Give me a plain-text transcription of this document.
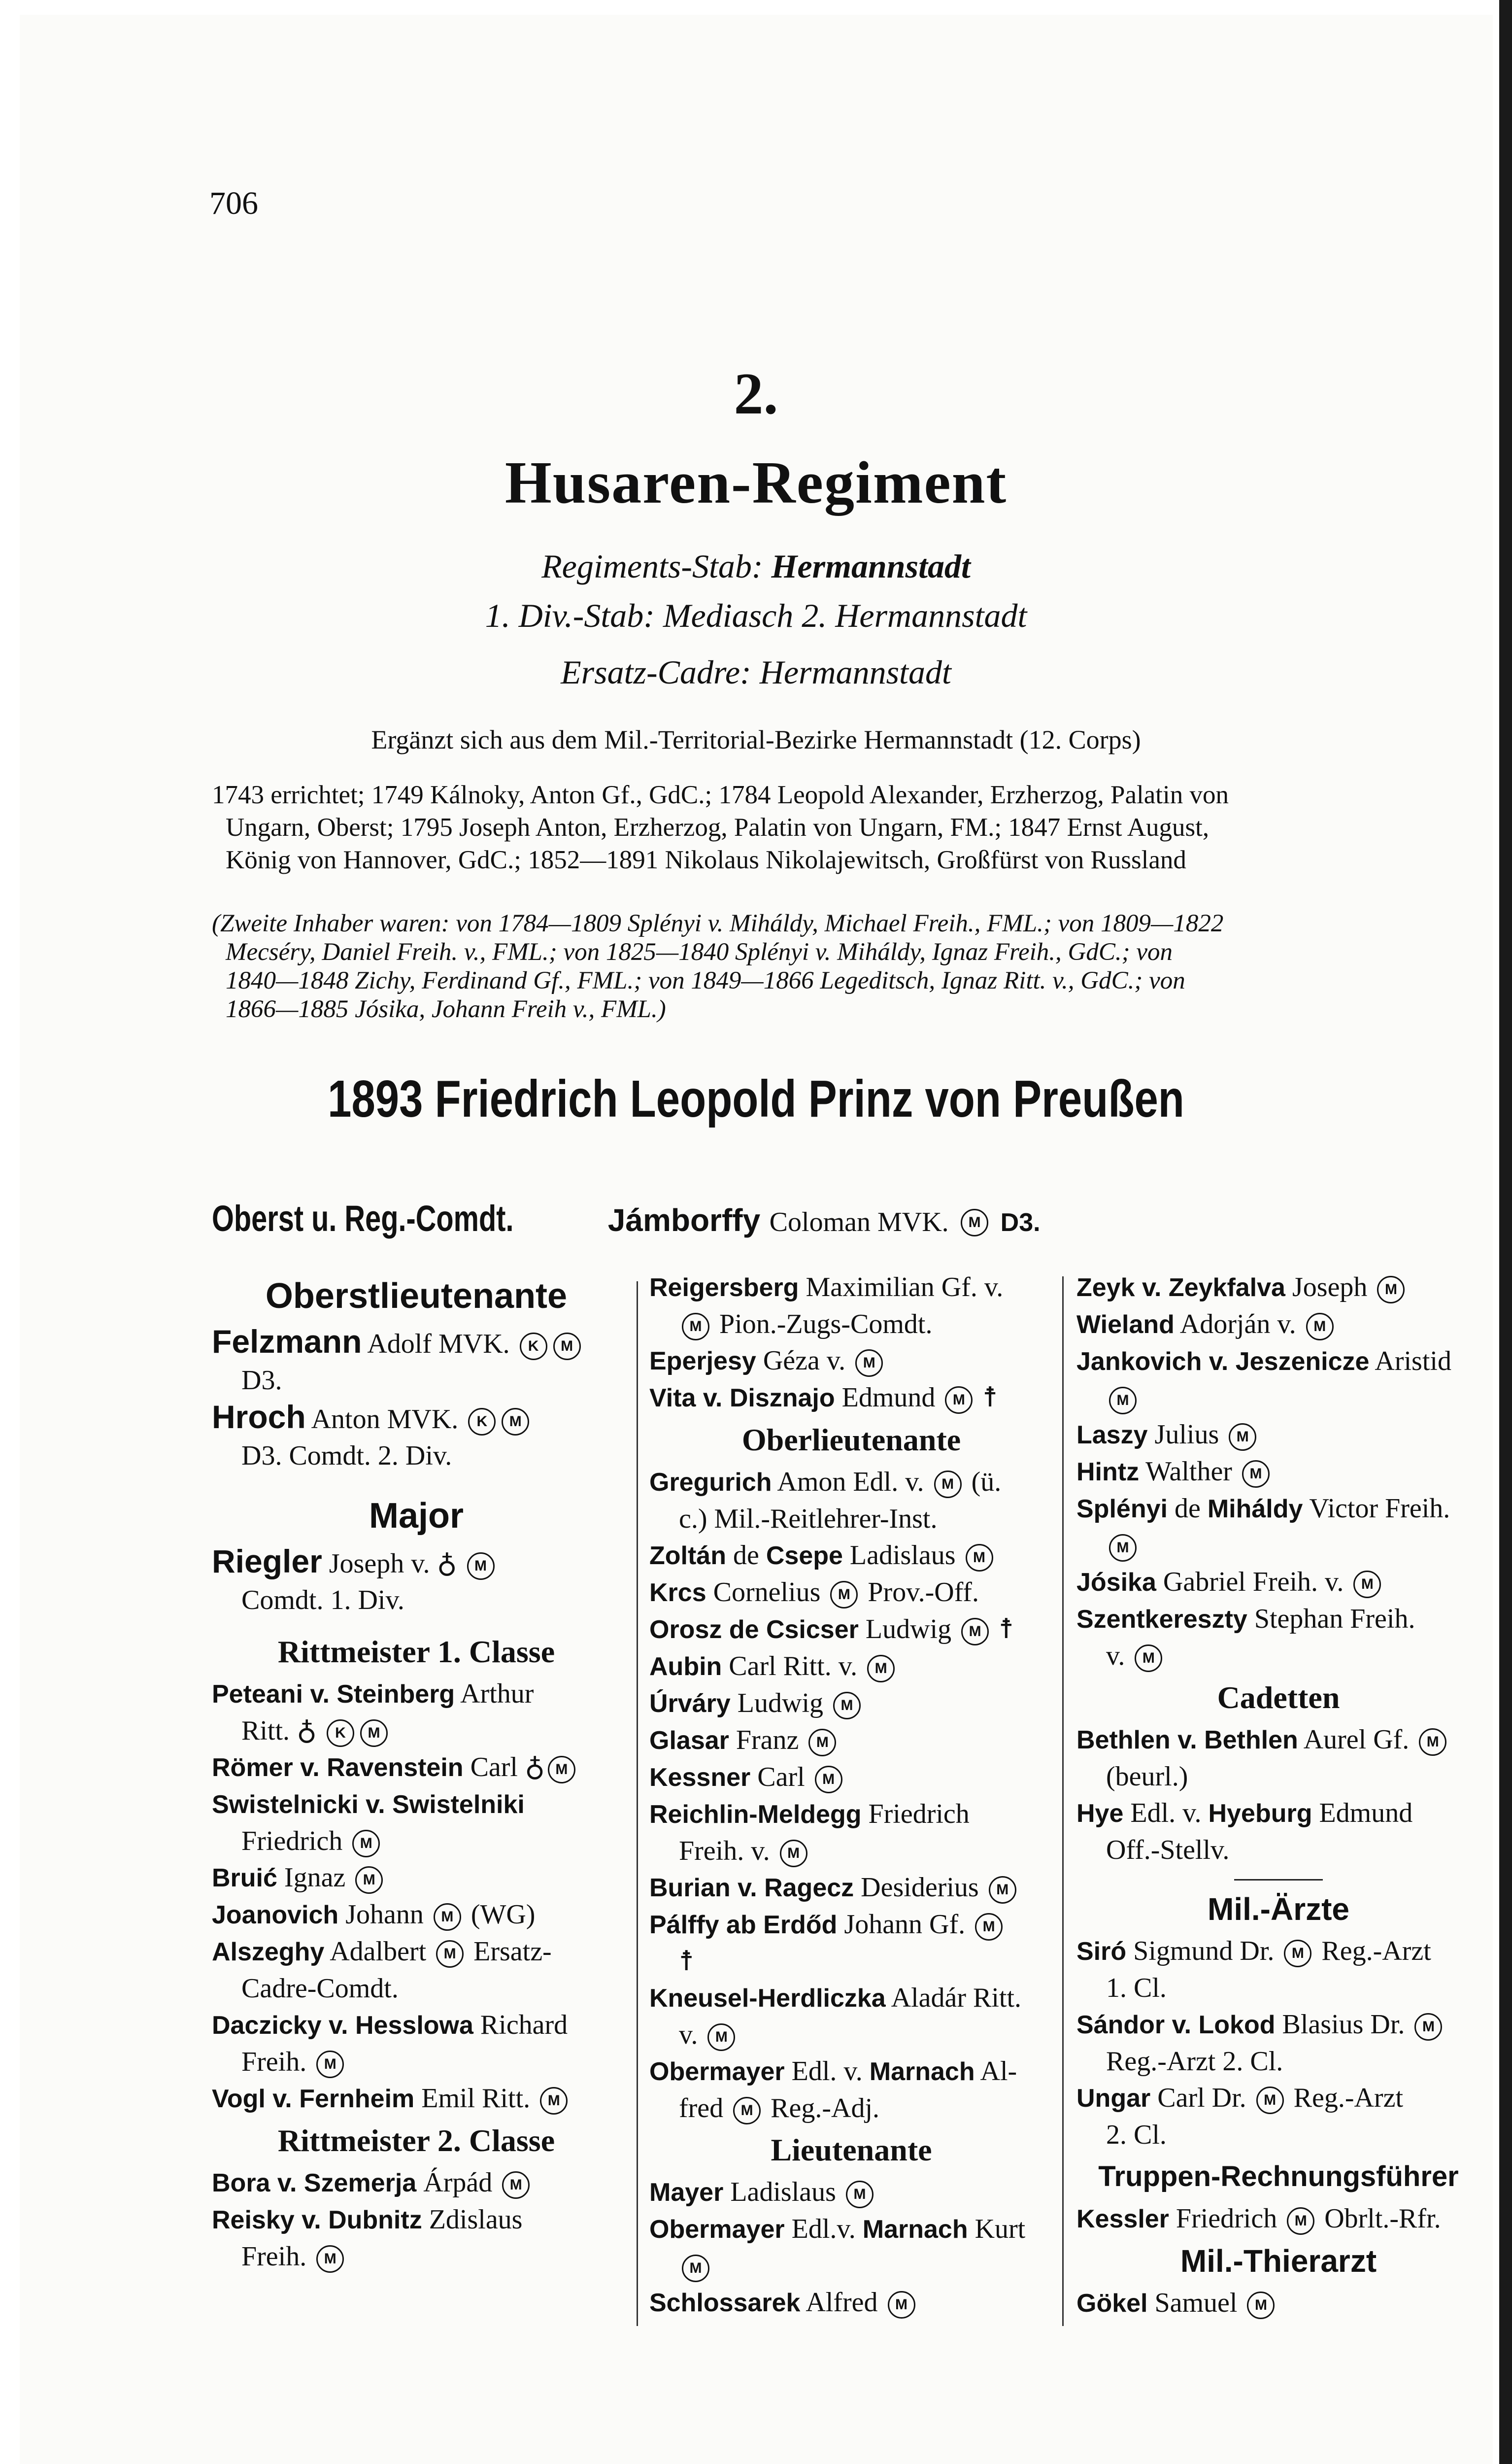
706
2.
Husaren-Regiment
Regiments-Stab: Hermannstadt
1. Div.-Stab: Mediasch 2. Hermannstadt
Ersatz-Cadre: Hermannstadt
Ergänzt sich aus dem Mil.-Territorial-Bezirke Hermannstadt (12. Corps)
1743 errichtet; 1749 Kálnoky, Anton Gf., GdC.; 1784 Leopold Alexander, Erzherzog, Palatin von
Ungarn, Oberst; 1795 Joseph Anton, Erzherzog, Palatin von Ungarn, FM.; 1847 Ernst August,
König von Hannover, GdC.; 1852—1891 Nikolaus Nikolajewitsch, Großfürst von Russland
(Zweite Inhaber waren: von 1784—1809 Splényi v. Miháldy, Michael Freih., FML.; von 1809—1822
Mecséry, Daniel Freih. v., FML.; von 1825—1840 Splényi v. Miháldy, Ignaz Freih., GdC.; von
1840—1848 Zichy, Ferdinand Gf., FML.; von 1849—1866 Legeditsch, Ignaz Ritt. v., GdC.; von
1866—1885 Jósika, Johann Freih v., FML.)
1893 Friedrich Leopold Prinz von Preußen
Oberst u. Reg.-Comdt.	Jámborffy Coloman MVK. M D3.
Oberstlieutenante
Felzmann Adolf MVK. K M
D3.
Hroch Anton MVK. K M
D3. Comdt. 2. Div.
Major
Riegler Joseph v. ♁ M
Comdt. 1. Div.
Rittmeister 1. Classe
Peteani v. Steinberg Arthur
Ritt. ♁ K M
Römer v. Ravenstein Carl ♁ M
Swistelnicki v. Swistelniki
Friedrich M
Bruić Ignaz M
Joanovich Johann M (WG)
Alszeghy Adalbert M Ersatz-
Cadre-Comdt.
Daczicky v. Hesslowa Richard
Freih. M
Vogl v. Fernheim Emil Ritt. M
Rittmeister 2. Classe
Bora v. Szemerja Árpád M
Reisky v. Dubnitz Zdislaus
Freih. M
Reigersberg Maximilian Gf. v.
M Pion.-Zugs-Comdt.
Eperjesy Géza v. M
Vita v. Disznajo Edmund M ☨
Oberlieutenante
Gregurich Amon Edl. v. M (ü.
c.) Mil.-Reitlehrer-Inst.
Zoltán de Csepe Ladislaus M
Krcs Cornelius M Prov.-Off.
Orosz de Csicser Ludwig M ☨
Aubin Carl Ritt. v. M
Úrváry Ludwig M
Glasar Franz M
Kessner Carl M
Reichlin-Meldegg Friedrich
Freih. v. M
Burian v. Ragecz Desiderius M
Pálffy ab Erdőd Johann Gf. M
☨
Kneusel-Herdliczka Aladár Ritt.
v. M
Obermayer Edl. v. Marnach Al-
fred M Reg.-Adj.
Lieutenante
Mayer Ladislaus M
Obermayer Edl.v. Marnach Kurt
M
Schlossarek Alfred M
Zeyk v. Zeykfalva Joseph M
Wieland Adorján v. M
Jankovich v. Jeszenicze Aristid
M
Laszy Julius M
Hintz Walther M
Splényi de Miháldy Victor Freih.
M
Jósika Gabriel Freih. v. M
Szentkereszty Stephan Freih.
v. M
Cadetten
Bethlen v. Bethlen Aurel Gf. M
(beurl.)
Hye Edl. v. Hyeburg Edmund
Off.-Stellv.
Mil.-Ärzte
Siró Sigmund Dr. M Reg.-Arzt
1. Cl.
Sándor v. Lokod Blasius Dr. M
Reg.-Arzt 2. Cl.
Ungar Carl Dr. M Reg.-Arzt
2. Cl.
Truppen-Rechnungsführer
Kessler Friedrich M Obrlt.-Rfr.
Mil.-Thierarzt
Gökel Samuel M
